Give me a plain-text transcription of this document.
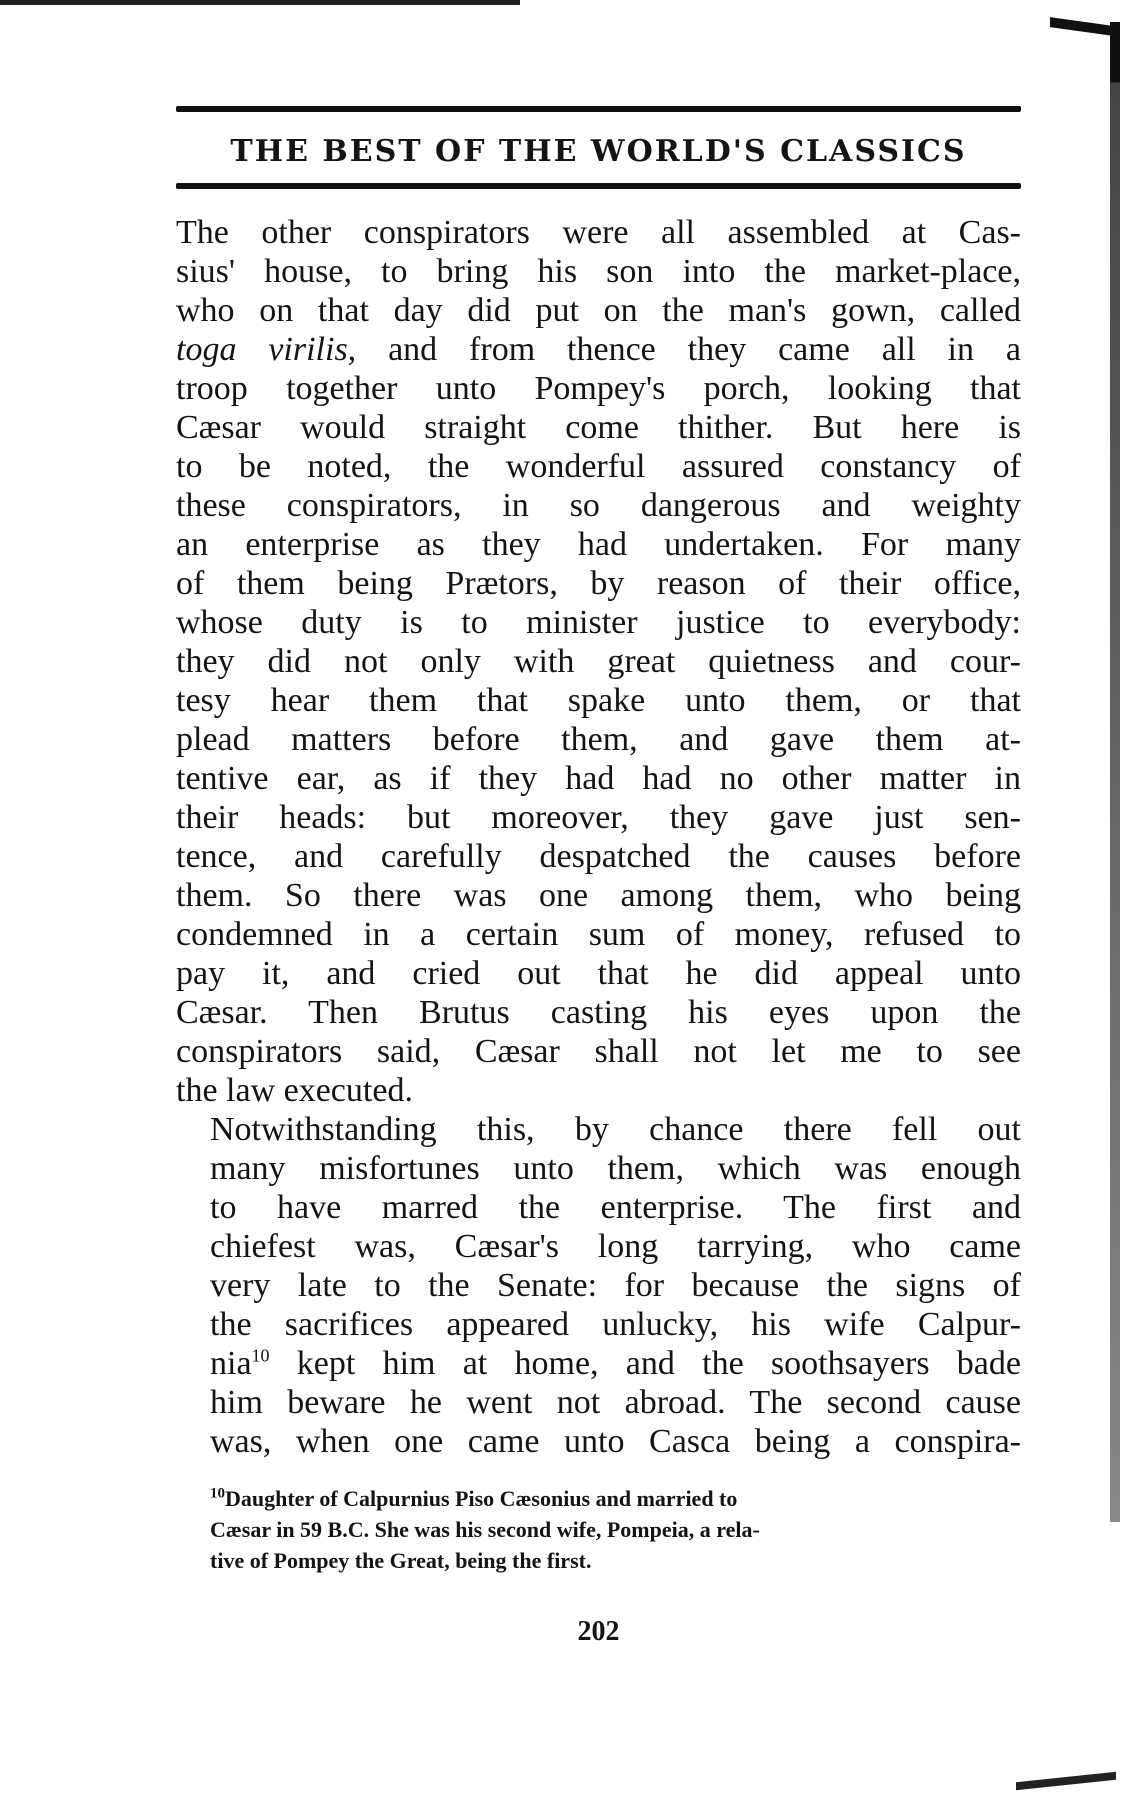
THE BEST OF THE WORLD'S CLASSICS

The other conspirators were all assembled at Cas-
sius' house, to bring his son into the market-place,
who on that day did put on the man's gown, called
toga virilis, and from thence they came all in a
troop together unto Pompey's porch, looking that
Cæsar would straight come thither. But here is
to be noted, the wonderful assured constancy of
these conspirators, in so dangerous and weighty
an enterprise as they had undertaken. For many
of them being Prætors, by reason of their office,
whose duty is to minister justice to everybody:
they did not only with great quietness and cour-
tesy hear them that spake unto them, or that
plead matters before them, and gave them at-
tentive ear, as if they had had no other matter in
their heads: but moreover, they gave just sen-
tence, and carefully despatched the causes before
them. So there was one among them, who being
condemned in a certain sum of money, refused to
pay it, and cried out that he did appeal unto
Cæsar. Then Brutus casting his eyes upon the
conspirators said, Cæsar shall not let me to see
the law executed.

Notwithstanding this, by chance there fell out
many misfortunes unto them, which was enough
to have marred the enterprise. The first and
chiefest was, Cæsar's long tarrying, who came
very late to the Senate: for because the signs of
the sacrifices appeared unlucky, his wife Calpur-
nia$^{10}$ kept him at home, and the soothsayers bade
him beware he went not abroad. The second cause
was, when one came unto Casca being a conspira-

$^{10}$Daughter of Calpurnius Piso Cæsonius and married to
Cæsar in 59 B.C. She was his second wife, Pompeia, a rela-
tive of Pompey the Great, being the first.
202
